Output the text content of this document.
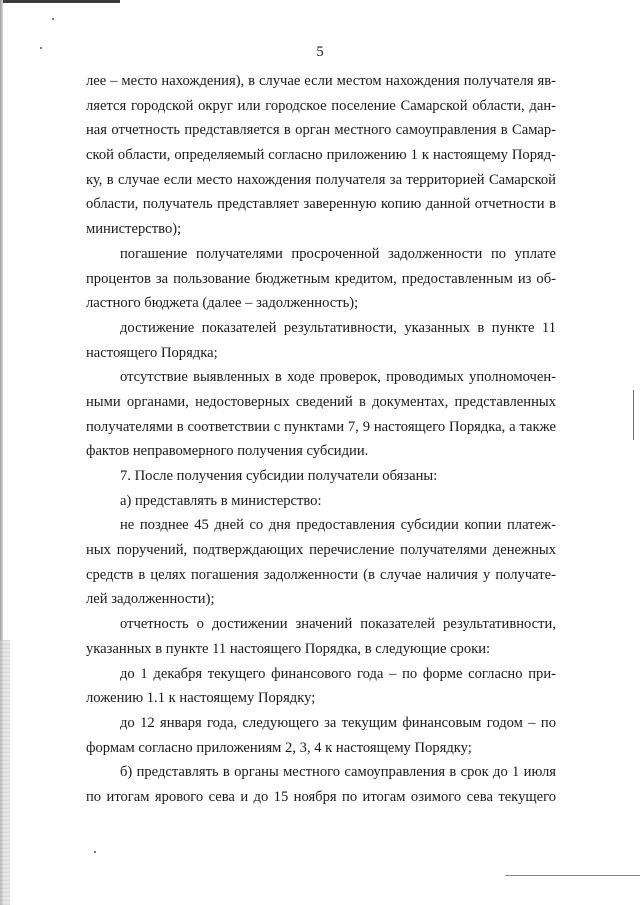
5
лее – место нахождения), в случае если местом нахождения получателя яв-
ляется городской округ или городское поселение Самарской области, дан-
ная отчетность представляется в орган местного самоуправления в Самар-
ской области, определяемый согласно приложению 1 к настоящему Поряд-
ку, в случае если место нахождения получателя за территорией Самарской
области, получатель представляет заверенную копию данной отчетности в
министерство);
погашение получателями просроченной задолженности по уплате
процентов за пользование бюджетным кредитом, предоставленным из об-
ластного бюджета (далее – задолженность);
достижение показателей результативности, указанных в пункте 11
настоящего Порядка;
отсутствие выявленных в ходе проверок, проводимых уполномочен-
ными органами, недостоверных сведений в документах, представленных
получателями в соответствии с пунктами 7, 9 настоящего Порядка, а также
фактов неправомерного получения субсидии.
7. После получения субсидии получатели обязаны:
а) представлять в министерство:
не позднее 45 дней со дня предоставления субсидии копии платеж-
ных поручений, подтверждающих перечисление получателями денежных
средств в целях погашения задолженности (в случае наличия у получате-
лей задолженности);
отчетность о достижении значений показателей результативности,
указанных в пункте 11 настоящего Порядка, в следующие сроки:
до 1 декабря текущего финансового года – по форме согласно при-
ложению 1.1 к настоящему Порядку;
до 12 января года, следующего за текущим финансовым годом – по
формам согласно приложениям 2, 3, 4 к настоящему Порядку;
б) представлять в органы местного самоуправления в срок до 1 июля
по итогам ярового сева и до 15 ноября по итогам озимого сева текущего
